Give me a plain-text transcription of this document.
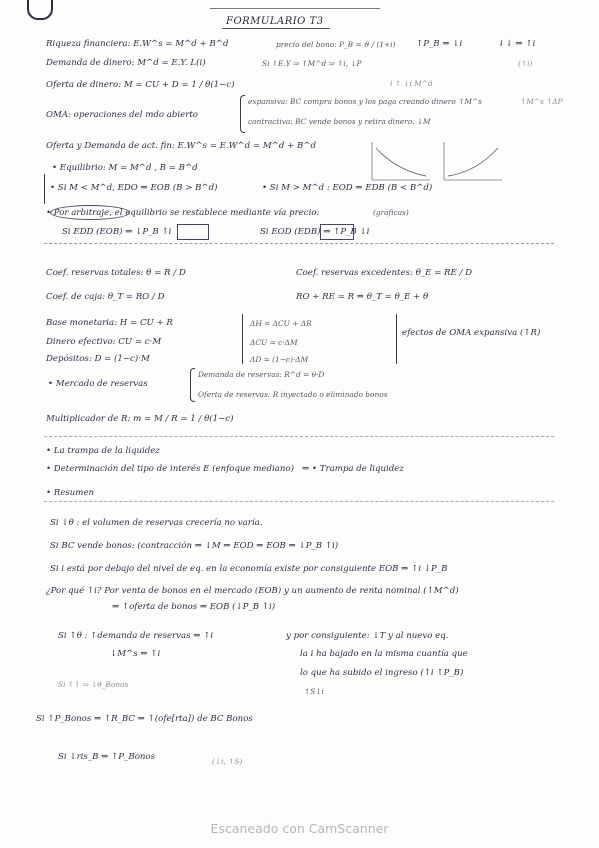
FORMULARIO T3
Riqueza financiera: E.W^s = M^d + B^d	precio del bono: P_B = ϑ / (1+i) ↑P_B ⇔ ↓i	i ↓ ⇒ ↑i
Demanda de dinero: M^d = E.Y. L(i)	Si ↑E.Y ⇒ ↑M^d ⇒ ↑i, ↓P	(↑i)
Oferta de dinero: M = CU + D = 1 / θ(1−c)	i ↑ ↓i M^d
OMA: operaciones del mdo abierto
expansiva: BC compra bonos y los paga creando dinero ↑M^s
contractiva: BC vende bonos y retira dinero. ↓M
↑M^s ↑ΔP
Oferta y Demanda de act. fin: E.W^s = E.W^d = M^d + B^d
• Equilibrio: M = M^d , B = B^d
• Si M < M^d, EDO ⇒ EOB (B > B^d)	• Si M > M^d : EOD ⇒ EDB (B < B^d)
• Por arbitraje, el equilibrio se restablece mediante vía precio:	(gráficas)
Si EDD (EOB) ⇒ ↓P_B ↑i	Si EOD (EDB) ⇒ ↑P_B ↓i
Coef. reservas totales: θ = R / D	Coef. reservas excedentes: θ_E = RE / D
Coef. de caja: θ_T = RO / D	RO + RE = R ⇒ θ_T = θ_E + θ
Base monetaria: H = CU + R	ΔH = ΔCU + ΔR
Dinero efectivo: CU = c·M	ΔCU = c·ΔM
efectos de OMA expansiva (↑R)
Depósitos: D = (1−c)·M	ΔD = (1−c)·ΔM
• Mercado de reservas
Demanda de reservas: R^d = θ·D
Oferta de reservas: R inyectado o eliminado bonos
Multiplicador de R: m = M / R = 1 / θ(1−c)
• La trampa de la liquidez
• Determinación del tipo de interés E (enfoque mediano) ⇒ • Trampa de liquidez
• Resumen
Si ↓θ : el volumen de reservas crecería no varía.
Si BC vende bonos: (contracción ⇒ ↓M ⇒ EOD ⇒ EOB ⇒ ↓P_B ↑i)
Si i está por debajo del nivel de eq. en la economía existe por consiguiente EOB ⇒ ↑i ↓P_B
¿Por qué ↑i? Por venta de bonos en el mercado (EOB) y un aumento de renta nominal (↑M^d)
⇒ ↑oferta de bonos ⇒ EOB (↓P_B ↑i)
Si ↑θ : ↑demanda de reservas ⇒ ↑i	y por consiguiente: ↓T y al nuevo eq.
↓M^s ⇒ ↑i	la i ha bajado en la misma cuantía que
lo que ha subido el ingreso (↑i ↑P_B)
↑S↓i
Si ↑↑ ⇒ ↓θ_Bonos
Si ↑P_Bonos ⇒ ↑R_BC ⇒ ↑(ofe[rta]) de BC Bonos
Si ↓ris_B ⇒ ↑P_Bonos	(↓i, ↑S)
Escaneado con CamScanner
